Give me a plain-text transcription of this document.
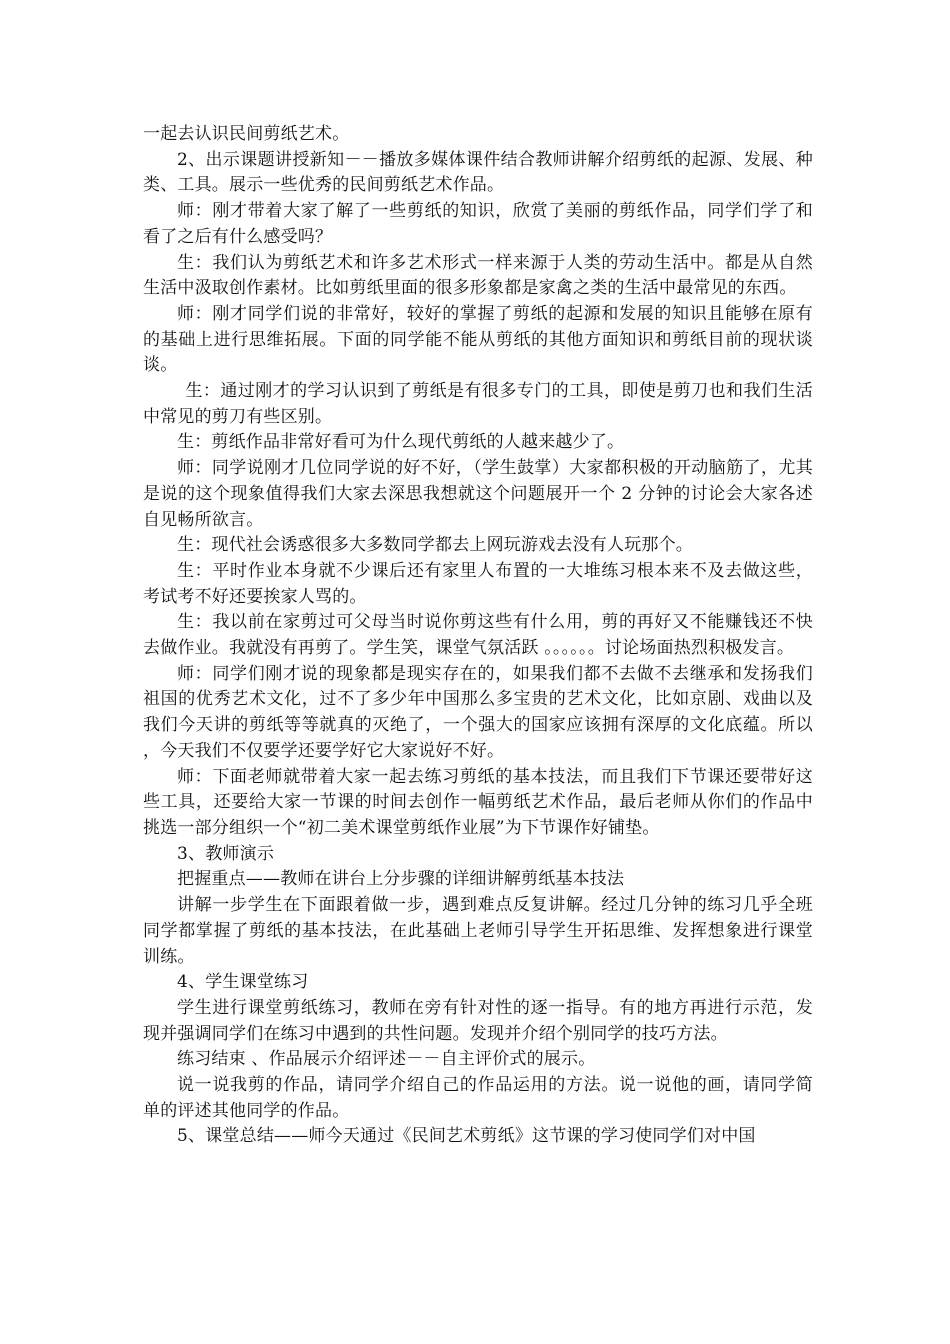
一起去认识民间剪纸艺术。

2、出示课题讲授新知－－播放多媒体课件结合教师讲解介绍剪纸的起源、发展、种类、工具。展示一些优秀的民间剪纸艺术作品。

师：刚才带着大家了解了一些剪纸的知识，欣赏了美丽的剪纸作品，同学们学了和看了之后有什么感受吗？

生：我们认为剪纸艺术和许多艺术形式一样来源于人类的劳动生活中。都是从自然生活中汲取创作素材。比如剪纸里面的很多形象都是家禽之类的生活中最常见的东西。

师：刚才同学们说的非常好，较好的掌握了剪纸的起源和发展的知识且能够在原有的基础上进行思维拓展。下面的同学能不能从剪纸的其他方面知识和剪纸目前的现状谈谈。

生：通过刚才的学习认识到了剪纸是有很多专门的工具，即使是剪刀也和我们生活中常见的剪刀有些区别。

生：剪纸作品非常好看可为什么现代剪纸的人越来越少了。

师：同学说刚才几位同学说的好不好，（学生鼓掌）大家都积极的开动脑筋了，尤其是说的这个现象值得我们大家去深思我想就这个问题展开一个 2 分钟的讨论会大家各述自见畅所欲言。

生：现代社会诱惑很多大多数同学都去上网玩游戏去没有人玩那个。

生：平时作业本身就不少课后还有家里人布置的一大堆练习根本来不及去做这些，考试考不好还要挨家人骂的。

生：我以前在家剪过可父母当时说你剪这些有什么用，剪的再好又不能赚钱还不快去做作业。我就没有再剪了。学生笑，课堂气氛活跃 。。。。。。讨论场面热烈积极发言。

师：同学们刚才说的现象都是现实存在的，如果我们都不去做不去继承和发扬我们祖国的优秀艺术文化，过不了多少年中国那么多宝贵的艺术文化，比如京剧、戏曲以及我们今天讲的剪纸等等就真的灭绝了，一个强大的国家应该拥有深厚的文化底蕴。所以，今天我们不仅要学还要学好它大家说好不好。

师：下面老师就带着大家一起去练习剪纸的基本技法，而且我们下节课还要带好这些工具，还要给大家一节课的时间去创作一幅剪纸艺术作品，最后老师从你们的作品中挑选一部分组织一个“初二美术课堂剪纸作业展”为下节课作好铺垫。

3、教师演示

把握重点——教师在讲台上分步骤的详细讲解剪纸基本技法

讲解一步学生在下面跟着做一步，遇到难点反复讲解。经过几分钟的练习几乎全班同学都掌握了剪纸的基本技法，在此基础上老师引导学生开拓思维、发挥想象进行课堂训练。

4、学生课堂练习

学生进行课堂剪纸练习，教师在旁有针对性的逐一指导。有的地方再进行示范，发现并强调同学们在练习中遇到的共性问题。发现并介绍个别同学的技巧方法。

练习结束 、作品展示介绍评述－－自主评价式的展示。

说一说我剪的作品，请同学介绍自己的作品运用的方法。说一说他的画，请同学简单的评述其他同学的作品。

5、课堂总结——师今天通过《民间艺术剪纸》这节课的学习使同学们对中国
